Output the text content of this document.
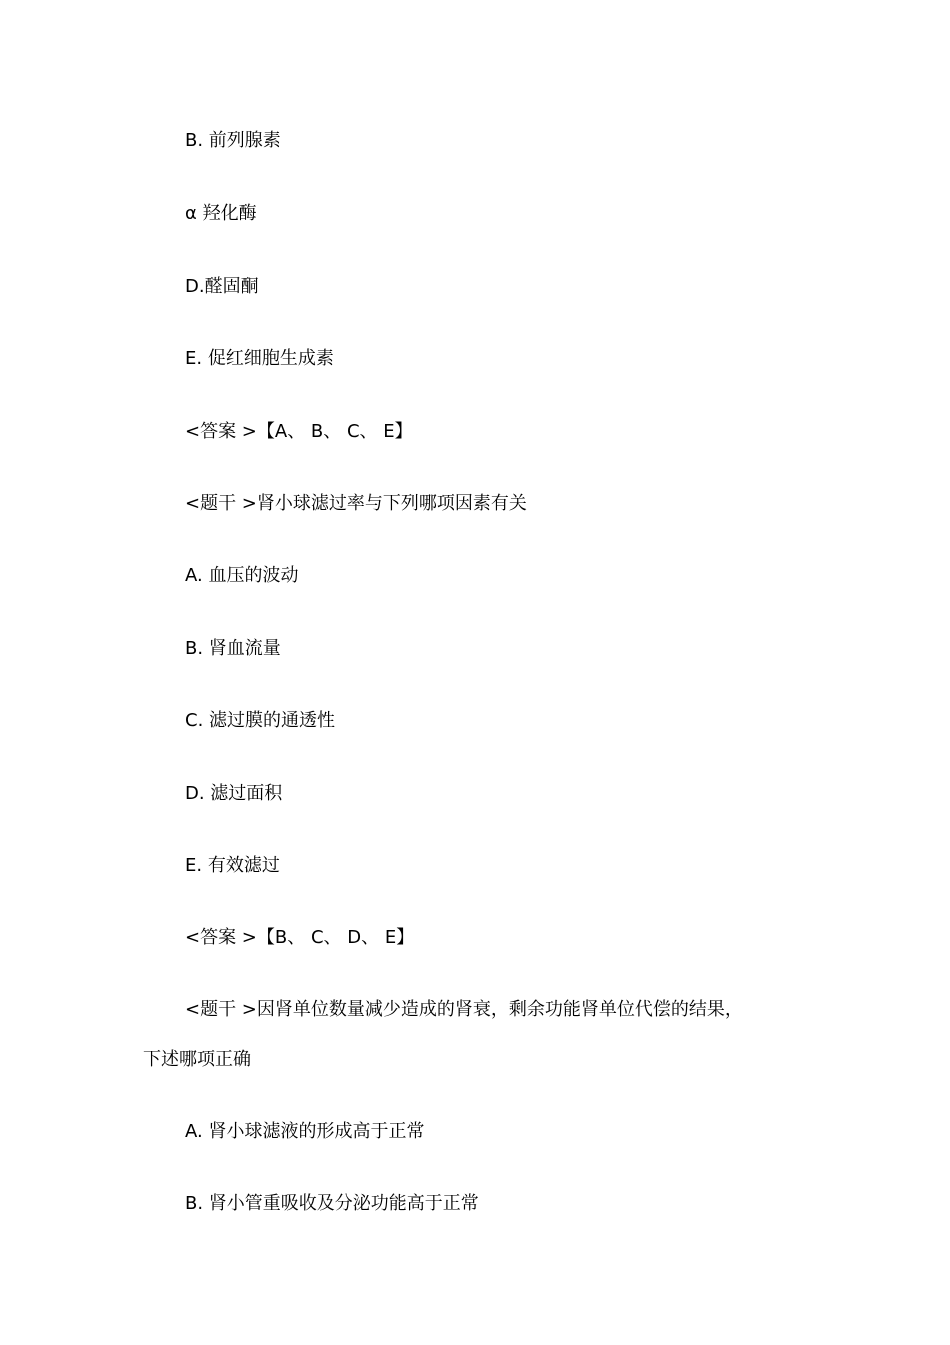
B. 前列腺素
α 羟化酶
D.醛固酮
E. 促红细胞生成素
<答案 >【A、 B、 C、 E】
<题干 >肾小球滤过率与下列哪项因素有关
A. 血压的波动
B. 肾血流量
C. 滤过膜的通透性
D. 滤过面积
E. 有效滤过
<答案 >【B、 C、 D、 E】
<题干 >因肾单位数量减少造成的肾衰，剩余功能肾单位代偿的结果，
下述哪项正确
A. 肾小球滤液的形成高于正常
B. 肾小管重吸收及分泌功能高于正常
